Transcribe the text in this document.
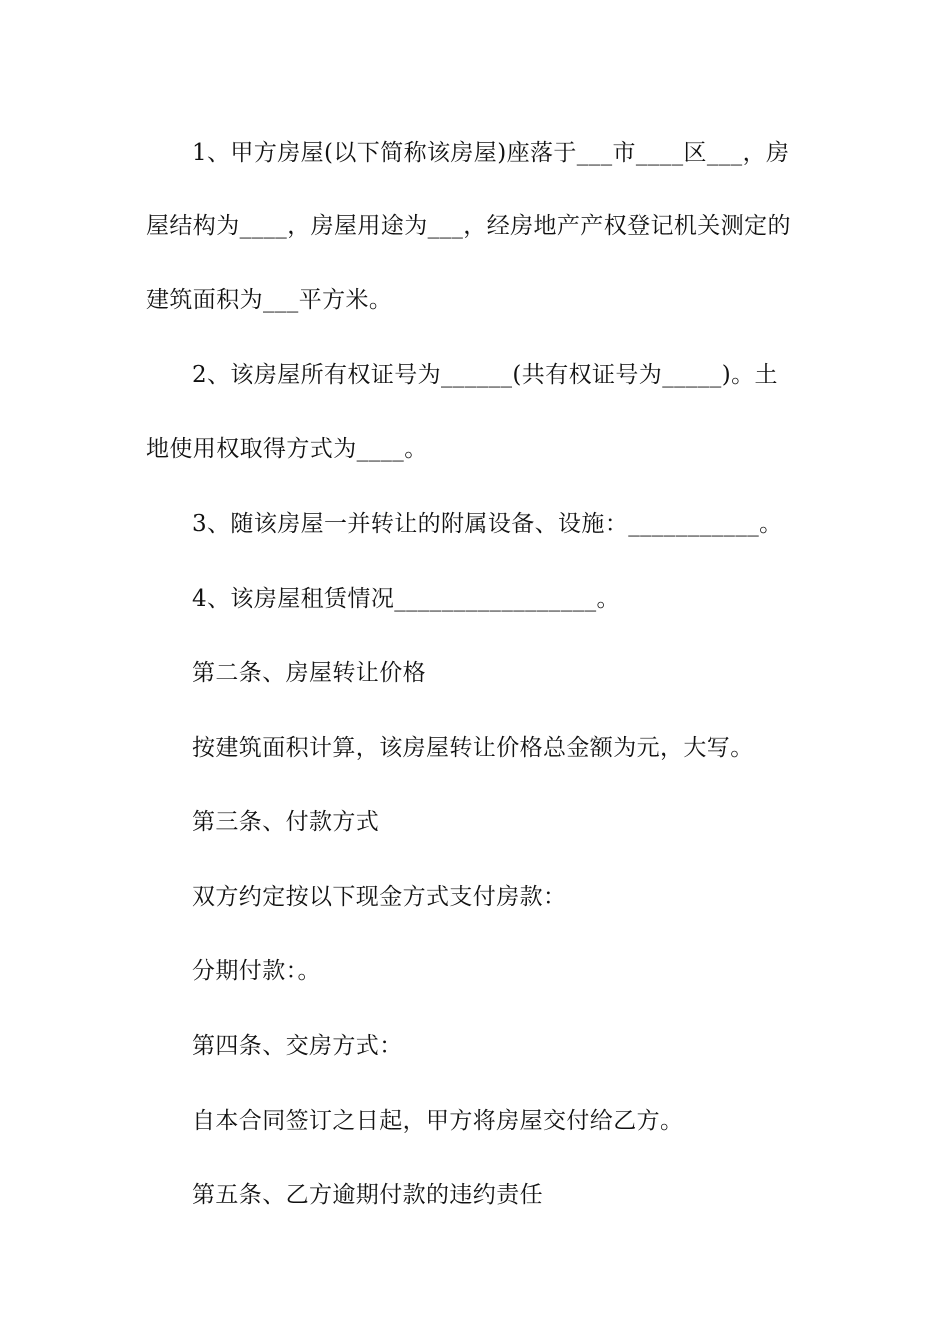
1、甲方房屋(以下简称该房屋)座落于___市____区___，房
屋结构为____，房屋用途为___，经房地产产权登记机关测定的
建筑面积为___平方米。
2、该房屋所有权证号为______(共有权证号为_____)。土
地使用权取得方式为____。
3、随该房屋一并转让的附属设备、设施：___________。
4、该房屋租赁情况_________________。
第二条、房屋转让价格
按建筑面积计算，该房屋转让价格总金额为元，大写。
第三条、付款方式
双方约定按以下现金方式支付房款：
分期付款：。
第四条、交房方式：
自本合同签订之日起，甲方将房屋交付给乙方。
第五条、乙方逾期付款的违约责任
